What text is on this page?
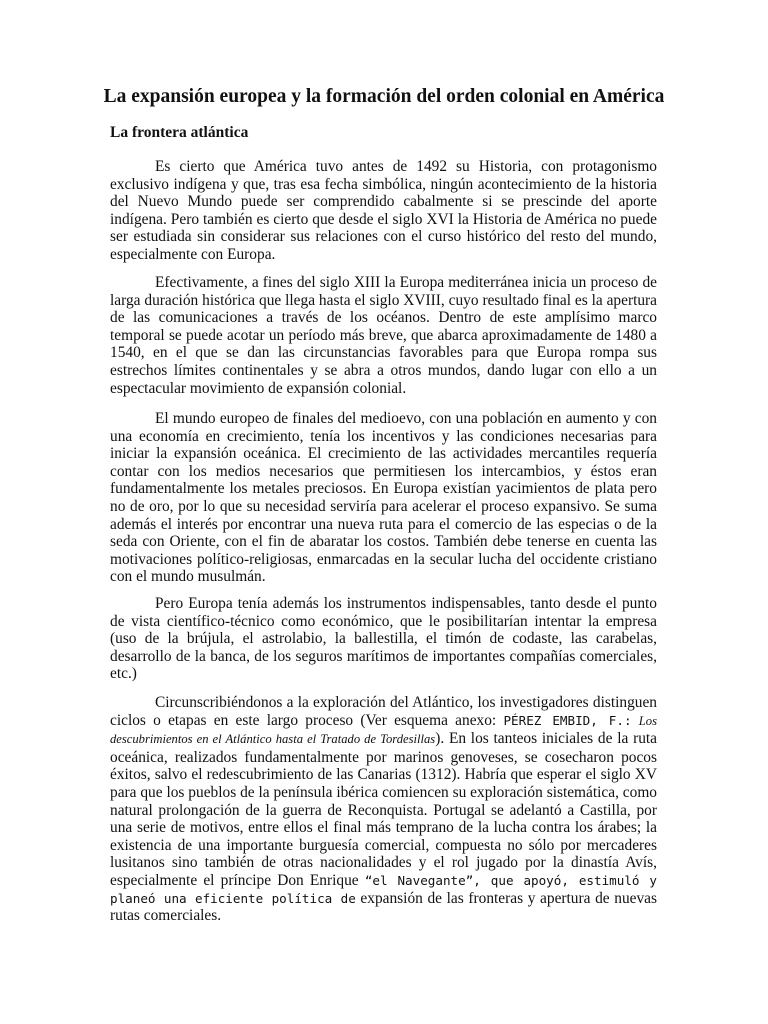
La expansión europea y la formación del orden colonial en América
La frontera atlántica

Es cierto que América tuvo antes de 1492 su Historia, con protagonismo exclusivo indígena y que, tras esa fecha simbólica, ningún acontecimiento de la historia del Nuevo Mundo puede ser comprendido cabalmente si se prescinde del aporte indígena. Pero también es cierto que desde el siglo XVI la Historia de América no puede ser estudiada sin considerar sus relaciones con el curso histórico del resto del mundo, especialmente con Europa.

Efectivamente, a fines del siglo XIII la Europa mediterránea inicia un proceso de larga duración histórica que llega hasta el siglo XVIII, cuyo resultado final es la apertura de las comunicaciones a través de los océanos. Dentro de este amplísimo marco temporal se puede acotar un período más breve, que abarca aproximadamente de 1480 a 1540, en el que se dan las circunstancias favorables para que Europa rompa sus estrechos límites continentales y se abra a otros mundos, dando lugar con ello a un espectacular movimiento de expansión colonial.

El mundo europeo de finales del medioevo, con una población en aumento y con una economía en crecimiento, tenía los incentivos y las condiciones necesarias para iniciar la expansión oceánica. El crecimiento de las actividades mercantiles requería contar con los medios necesarios que permitiesen los intercambios, y éstos eran fundamentalmente los metales preciosos. En Europa existían yacimientos de plata pero no de oro, por lo que su necesidad serviría para acelerar el proceso expansivo. Se suma además el interés por encontrar una nueva ruta para el comercio de las especias o de la seda con Oriente, con el fin de abaratar los costos. También debe tenerse en cuenta las motivaciones político-religiosas, enmarcadas en la secular lucha del occidente cristiano con el mundo musulmán.

Pero Europa tenía además los instrumentos indispensables, tanto desde el punto de vista científico-técnico como económico, que le posibilitarían intentar la empresa (uso de la brújula, el astrolabio, la ballestilla, el timón de codaste, las carabelas, desarrollo de la banca, de los seguros marítimos de importantes compañías comerciales, etc.)

Circunscribiéndonos a la exploración del Atlántico, los investigadores distinguen ciclos o etapas en este largo proceso (Ver esquema anexo: PÉREZ EMBID, F.: Los descubrimientos en el Atlántico hasta el Tratado de Tordesillas). En los tanteos iniciales de la ruta oceánica, realizados fundamentalmente por marinos genoveses, se cosecharon pocos éxitos, salvo el redescubrimiento de las Canarias (1312). Habría que esperar el siglo XV para que los pueblos de la península ibérica comiencen su exploración sistemática, como natural prolongación de la guerra de Reconquista. Portugal se adelantó a Castilla, por una serie de motivos, entre ellos el final más temprano de la lucha contra los árabes; la existencia de una importante burguesía comercial, compuesta no sólo por mercaderes lusitanos sino también de otras nacionalidades y el rol jugado por la dinastía Avís, especialmente el príncipe Don Enrique “el Navegante”, que apoyó, estimuló y planeó una eficiente política de expansión de las fronteras y apertura de nuevas rutas comerciales.
